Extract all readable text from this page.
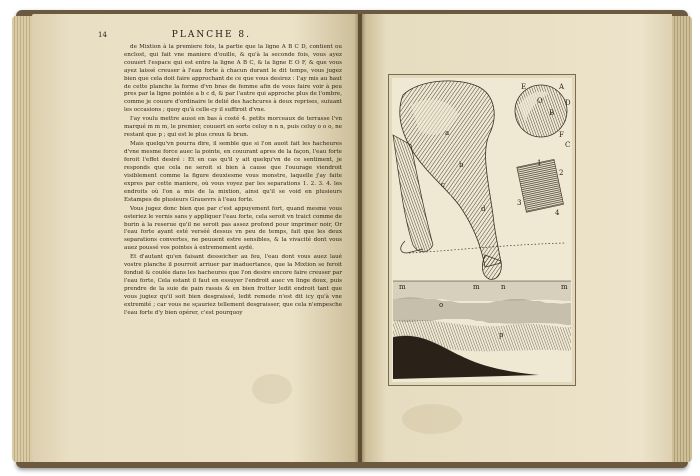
14	PLANCHE 8.

de Mixtion à la premiere fois, la partie que la ligne A B C D, contient ou enclost, qui fait vne maniere d'ouille, & qu'à la seconde fois, vous ayez couuert l'espace qui est entre la ligne A B C, & la ligne E O F, & que vous ayez laissé creuser à l'eau forte à chacun durant le dit temps, vous jugez bien que cela doit faire approchant de ce que vous desirez : I'ay mis au haut de cette planche la forme d'vn bras de femme afin de vous faire voir à peu pres par la ligne pointée a b c d, & par l'autre qui approche plus de l'ombre, comme je couure d'ordinaire le delié des hachcures à deux reprises, suiuant les occasions ; quoy qu'à celle-cy il suffiroit d'vne.

I'ay voulu mettre aussi en bas à costé 4. petits morceaux de terrasse l'vn marqué m m m, le premier, couuert en sorte celuy n n n, puis celuy o o o, ne restant que p ; qui est le plus creux & brun.

Mais quelqu'vn pourra dire, il semble que si l'on auoit fait les hacheures d'vne mesme force auec la pointe, en couurant apres de la façon, l'eau forte feroit l'effet desiré : Et en cas qu'il y ait quelqu'vn de ce sentiment, je responds que cela ne seroit si bien à cause que l'ouurage viendroit visiblement comme la figure deuxiesme vous monstre, laquelle j'ay faite expres par cette maniere, où vous voyez par les separations 1. 2. 3. 4. les endroits où l'on a mis de la mixtion, ainsi qu'il se void en plusieurs Estampes de plusieurs Grauevrs à l'eau forte.

Vous jugez donc bien que par c'est appuyement fort, quand mesme vous osteriez le vernis sans y appliquer l'eau forte, cela seroit vn traict comme de burin à la reserue qu'il ne seroit pas assez profond pour imprimer noir, Or l'eau forte ayant esté verséé dessus vn peu de temps, fait que les deux separations convertes, ne peuuent estre sensibles, & la vivacité dont vous auez poussé vos pointes à extremement aydé.

Et d'autant qu'en faisant desseicher au feu, l'eau dont vous auez laué vostre planche il pourroit arriuer par inaduertance, que la Mixtion se feroit fonduë & coulée dans les hacheures que l'on desire encore faire creuser par l'eau forte, Cela estant il faut en essuyer l'endroit auec vn linge doux, puis prendre de la suie de pain rassis & en bien frotter ledit endroit tant que vous jugiez qu'il soit bien desgraissé, ledit remede n'est dit icy qu'à vne extremité ; car vous ne sçauriez tellement desgraisser, que cela n'empesche l'eau forte d'y bien opérer, c'est pourquoy

E	A
O
B
D
F
C
a
b
c
d
m	m	n	m
1
2
3
4
